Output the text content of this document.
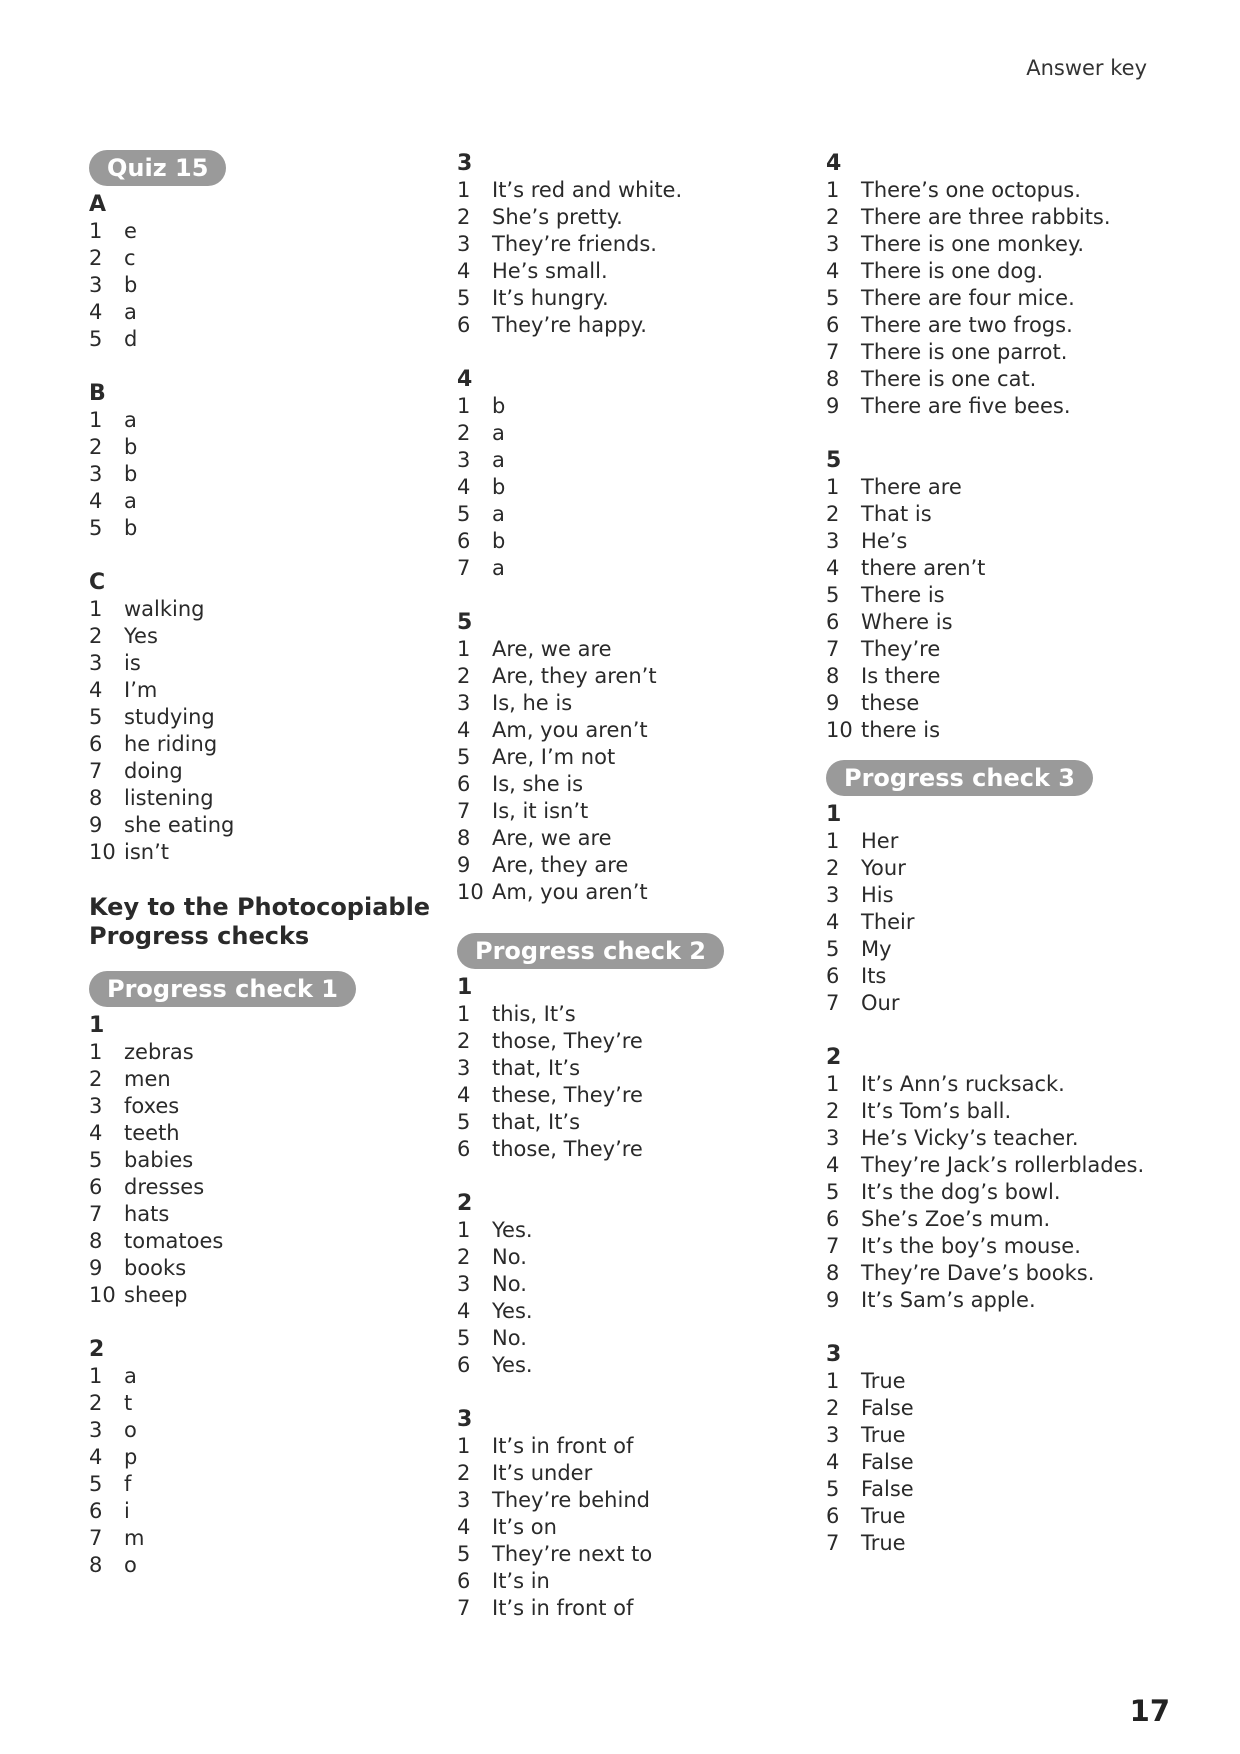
Answer key
Quiz 15
A
1	e
2	c
3	b
4	a
5	d
B
1	a
2	b
3	b
4	a
5	b
C
1	walking
2	Yes
3	is
4	I’m
5	studying
6	he riding
7	doing
8	listening
9	she eating
10 isn’t
Key to the Photocopiable
Progress checks
Progress check 1
1
1	zebras
2	men
3	foxes
4	teeth
5	babies
6	dresses
7	hats
8	tomatoes
9	books
10 sheep
2
1	a
2	t
3	o
4	p
5	f
6	i
7	m
8	o
3
1	It’s red and white.
2	She’s pretty.
3	They’re friends.
4	He’s small.
5	It’s hungry.
6	They’re happy.
4
1	b
2	a
3	a
4	b
5	a
6	b
7	a
5
1	Are, we are
2	Are, they aren’t
3	Is, he is
4	Am, you aren’t
5	Are, I’m not
6	Is, she is
7	Is, it isn’t
8	Are, we are
9	Are, they are
10 Am, you aren’t
Progress check 2
1
1	this, It’s
2	those, They’re
3	that, It’s
4	these, They’re
5	that, It’s
6	those, They’re
2
1	Yes.
2	No.
3	No.
4	Yes.
5	No.
6	Yes.
3
1	It’s in front of
2	It’s under
3	They’re behind
4	It’s on
5	They’re next to
6	It’s in
7	It’s in front of
4
1	There’s one octopus.
2	There are three rabbits.
3	There is one monkey.
4	There is one dog.
5	There are four mice.
6	There are two frogs.
7	There is one parrot.
8	There is one cat.
9	There are five bees.
5
1	There are
2	That is
3	He’s
4	there aren’t
5	There is
6	Where is
7	They’re
8	Is there
9	these
10 there is
Progress check 3
1
1	Her
2	Your
3	His
4	Their
5	My
6	Its
7	Our
2
1	It’s Ann’s rucksack.
2	It’s Tom’s ball.
3	He’s Vicky’s teacher.
4	They’re Jack’s rollerblades.
5	It’s the dog’s bowl.
6	She’s Zoe’s mum.
7	It’s the boy’s mouse.
8	They’re Dave’s books.
9	It’s Sam’s apple.
3
1	True
2	False
3	True
4	False
5	False
6	True
7	True
17
